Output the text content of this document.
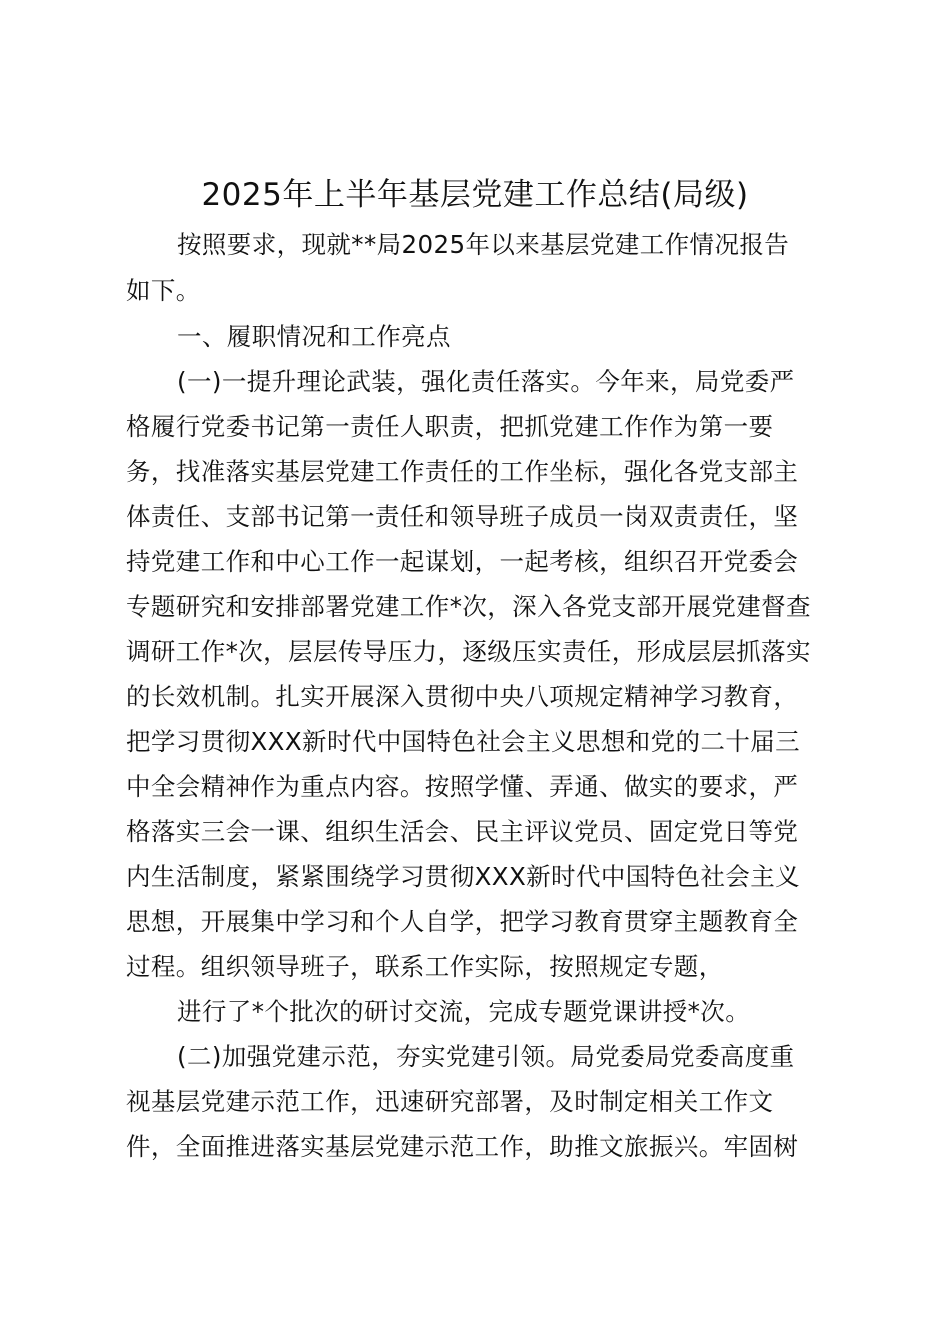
2025年上半年基层党建工作总结(局级)
按照要求，现就**局2025年以来基层党建工作情况报告
如下。
一、履职情况和工作亮点
(一)一提升理论武装，强化责任落实。今年来，局党委严
格履行党委书记第一责任人职责，把抓党建工作作为第一要
务，找准落实基层党建工作责任的工作坐标，强化各党支部主
体责任、支部书记第一责任和领导班子成员一岗双责责任，坚
持党建工作和中心工作一起谋划，一起考核，组织召开党委会
专题研究和安排部署党建工作*次，深入各党支部开展党建督查
调研工作*次，层层传导压力，逐级压实责任，形成层层抓落实
的长效机制。扎实开展深入贯彻中央八项规定精神学习教育，
把学习贯彻XXX新时代中国特色社会主义思想和党的二十届三
中全会精神作为重点内容。按照学懂、弄通、做实的要求，严
格落实三会一课、组织生活会、民主评议党员、固定党日等党
内生活制度，紧紧围绕学习贯彻XXX新时代中国特色社会主义
思想，开展集中学习和个人自学，把学习教育贯穿主题教育全
过程。组织领导班子，联系工作实际，按照规定专题，
进行了*个批次的研讨交流，完成专题党课讲授*次。
(二)加强党建示范，夯实党建引领。局党委局党委高度重
视基层党建示范工作，迅速研究部署，及时制定相关工作文
件，全面推进落实基层党建示范工作，助推文旅振兴。牢固树
